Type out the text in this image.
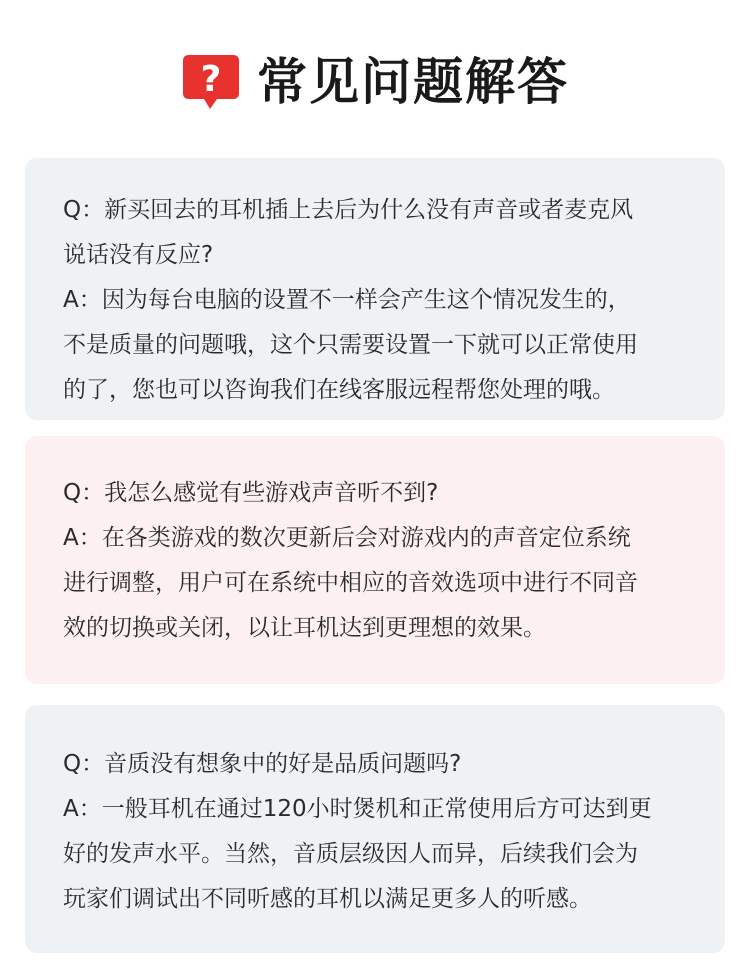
? 常见问题解答

Q：新买回去的耳机插上去后为什么没有声音或者麦克风

说话没有反应?

A：因为每台电脑的设置不一样会产生这个情况发生的，

不是质量的问题哦，这个只需要设置一下就可以正常使用

的了，您也可以咨询我们在线客服远程帮您处理的哦。

Q：我怎么感觉有些游戏声音听不到?

A：在各类游戏的数次更新后会对游戏内的声音定位系统

进行调整，用户可在系统中相应的音效选项中进行不同音

效的切换或关闭，以让耳机达到更理想的效果。

Q：音质没有想象中的好是品质问题吗?

A：一般耳机在通过120小时煲机和正常使用后方可达到更

好的发声水平。当然，音质层级因人而异，后续我们会为

玩家们调试出不同听感的耳机以满足更多人的听感。
